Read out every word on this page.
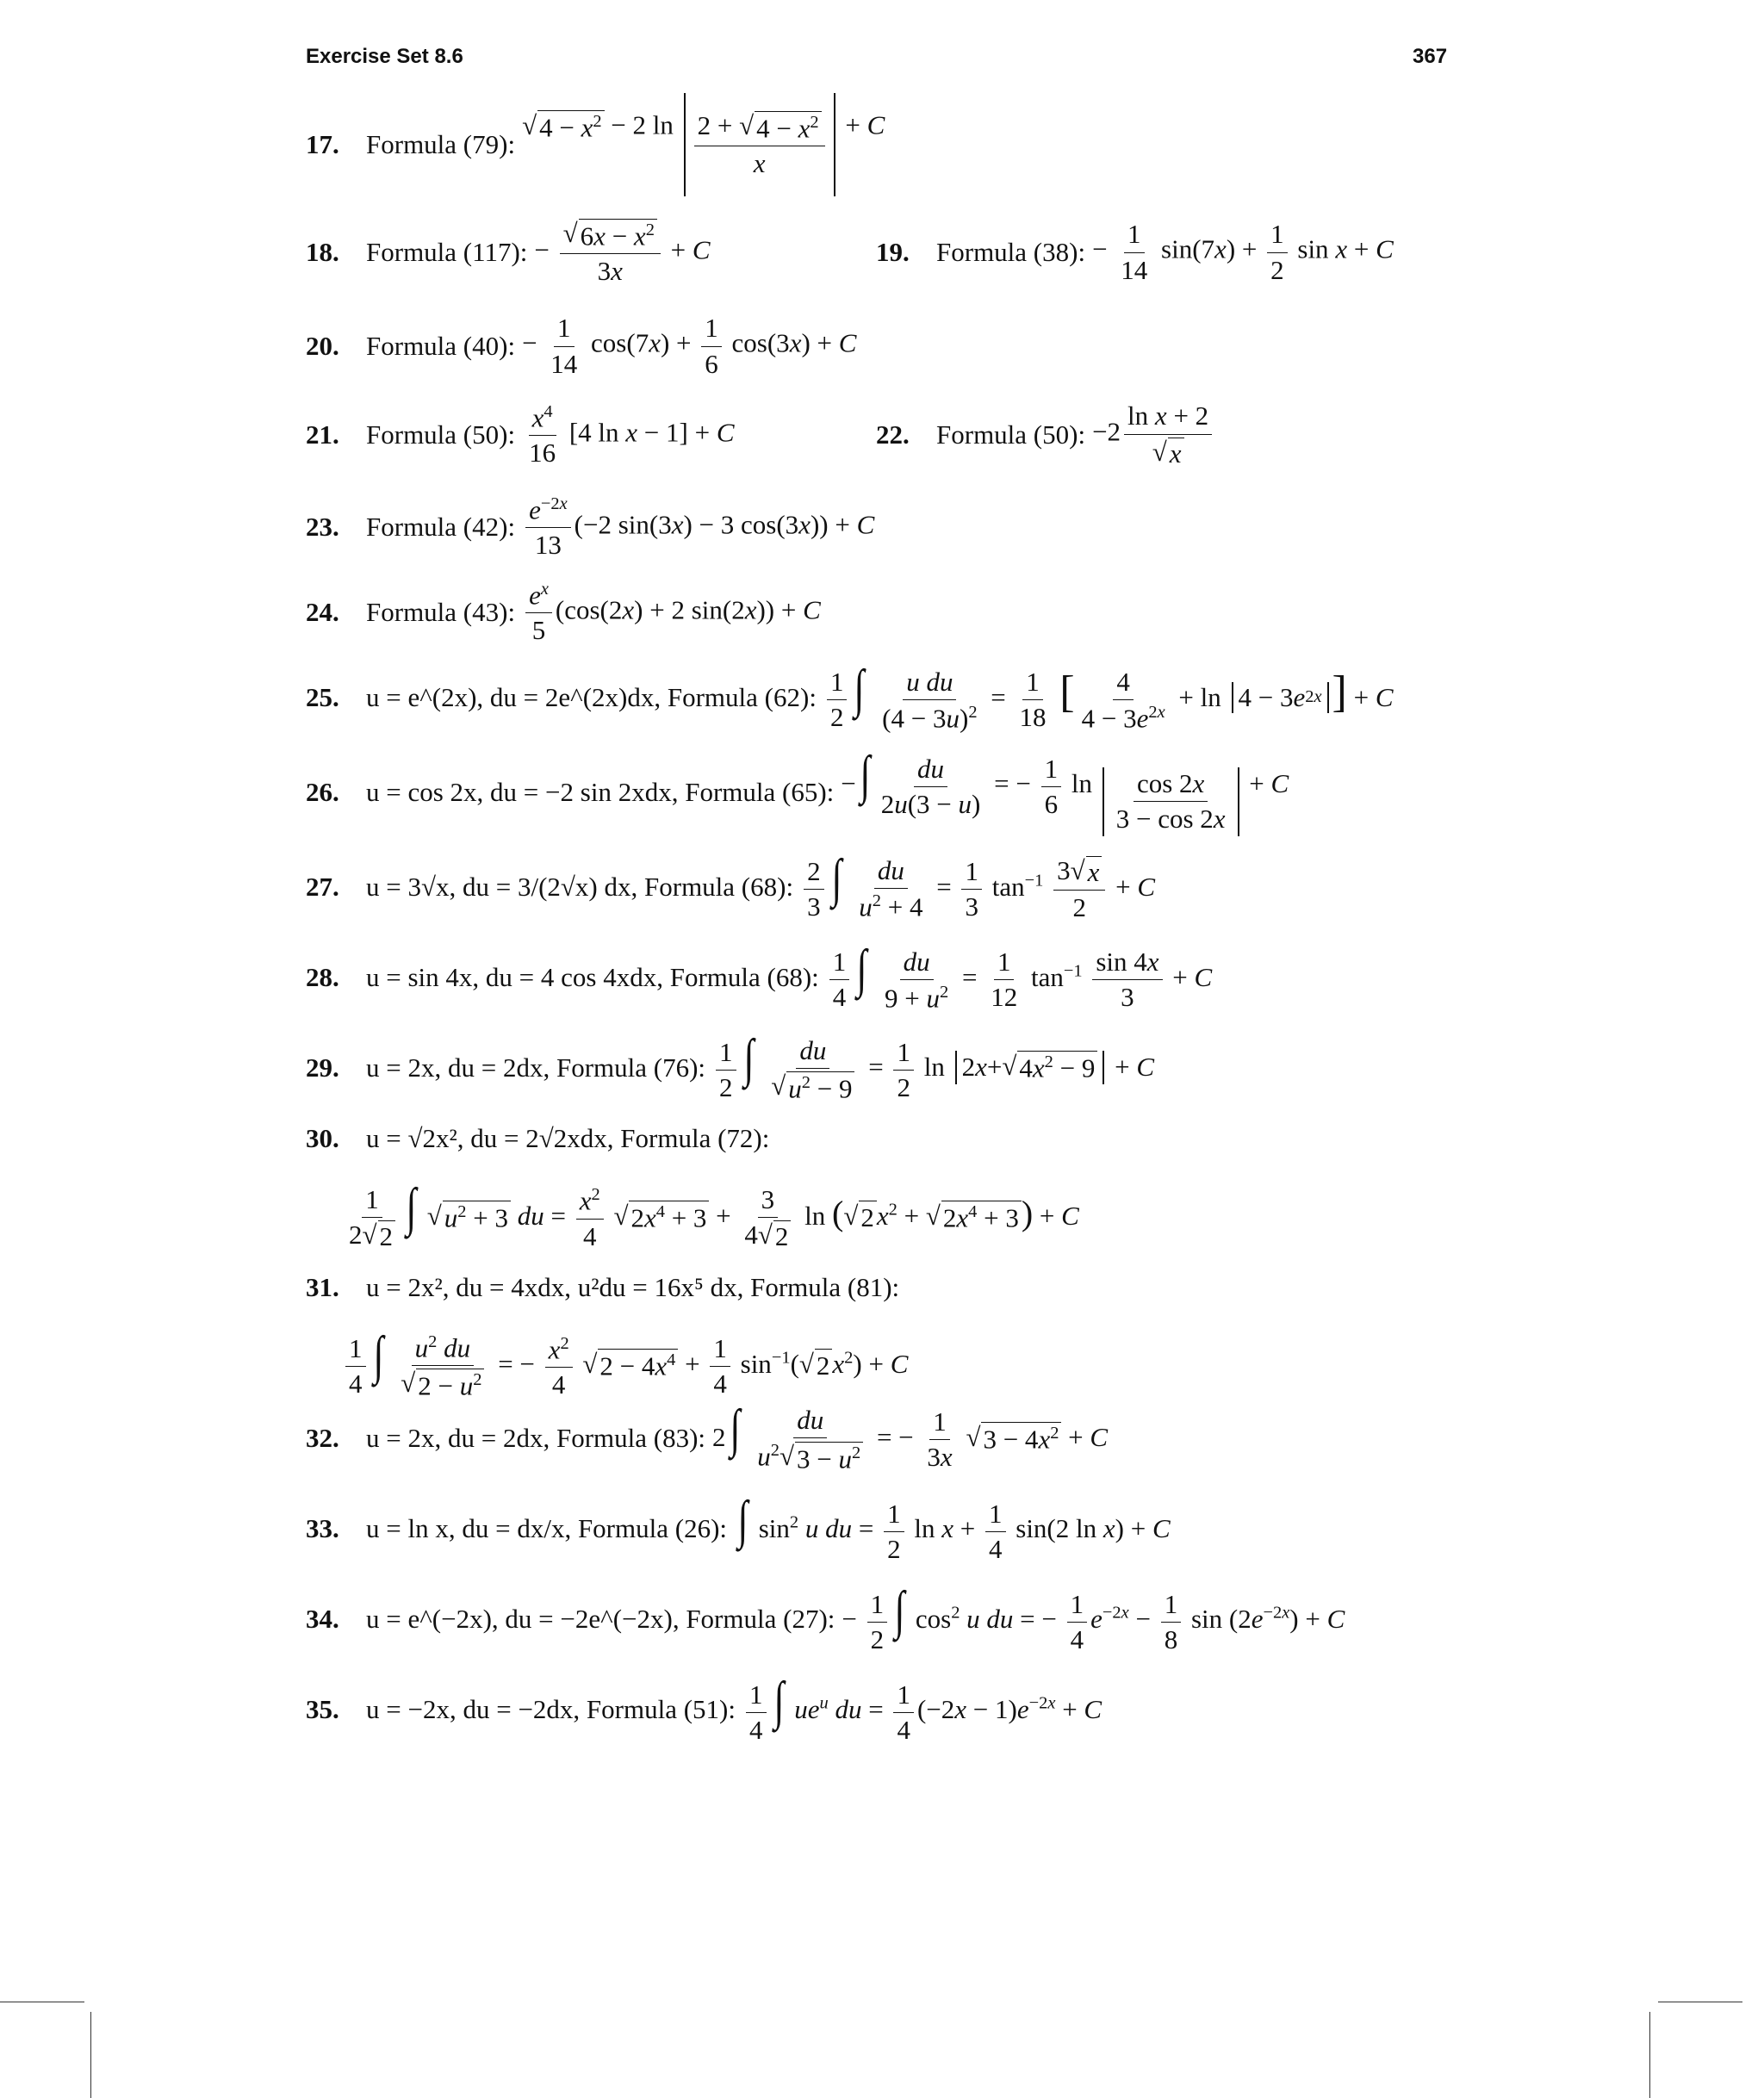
Exercise Set 8.6	367
17.	Formula (79):
√ $4 - x^2 - 2$ ln 2 + √ $4 - x^2$
x
+ C
18.	Formula (117): − $\frac{√ 6x - x^2}{3x} + C$	19.	Formula (38): − $\frac{1}{14} \sin(7x) + \frac{1}{2}$ sin x + C
20.	Formula (40): − $\frac{1}{14} \cos(7x) + \frac{1}{6} \cos(3x) + C$
21.	Formula (50): $\frac{x^4}{16} [4$ ln x − 1] + C	22.	Formula (50): $-2 \frac{\text{ln x + 2}}{√ x}$
23.	Formula (42): $\frac{e^{-2x}}{13} (-2$ sin(3x) − 3 cos(3x)) + C
24.	Formula (43): $\frac{e^x}{5} (\cos(2x) + 2$ sin(2x)) + C
25.	u = e^(2x), du = 2e^(2x)dx, Formula (62): $\frac{1}{2}$ ∫ $\frac{\text{u du}}{(4 - 3u)^2} = \frac{1}{18}$ [ $\frac{4}{4 - 3e^{2x}} + \ln 4 - 3$ e 2x ] + C
26.	u = cos 2x, du = −2 sin 2xdx, Formula (65): −∫ $\frac{du}{2u(3 - u)}$ = − $\frac{1}{6}$ ln cos 2x
3 − cos 2x
+ C
27.	u = 3√x, du = 3/(2√x) dx, Formula (68): $\frac{2}{3}$ ∫ $\frac{du}{u^2 + 4} = \frac{1}{3} \tan^{-1} \frac{3 √ x}{2} + C$
28.	u = sin 4x, du = 4 cos 4xdx, Formula (68): $\frac{1}{4}$ ∫ $\frac{du}{9 + u^2} = \frac{1}{12} \tan^{-1} \frac{\sin 4x}{3} + C$
29.	u = 2x, du = 2dx, Formula (76): $\frac{1}{2}$ ∫ $\frac{du}{√ u^2 - 9} = \frac{1}{2}$ ln 2 x + √ $4x^2 - 9 + C$
30.	u = √2x², du = 2√2xdx, Formula (72):
$\frac{1}{2 √ 2}$ ∫ √ $u^2 + 3$ du = $\frac{x^2}{4}$
√ $2x^4 + 3 + \frac{3}{4 √ 2}$ ln ( √ 2 $x^2$ + √ $2x^4 + 3$ ) + C
31.	u = 2x², du = 4xdx, u²du = 16x⁵ dx, Formula (81):
$\frac{1}{4}$ ∫ $\frac{u^2 du}{√ 2 - u^2}$ = − $\frac{x^2}{4}$
√ $2 - 4x^4 + \frac{1}{4} \sin^{-1}$( √ 2 $x^2) + C$
32.	u = 2x, du = 2dx, Formula (83): $2\int \frac{du}{u^2 √ 3 - u^2}$ = − $\frac{1}{3x}$
√ $3 - 4x^2 + C$
33.	u = ln x, du = dx/x, Formula (26): ∫ $\sin^2 u$ du = $\frac{1}{2}$ $\ln x + \frac{1}{4} \sin(2$ ln x) + C
34.	u = e^(−2x), du = −2e^(−2x), Formula (27): − $\frac{1}{2}$ ∫ $\cos^2 u$ du = − $\frac{1}{4} e^{-2x} - \frac{1}{8}$ $\sin (2e^{-2x}) + C$
35.	u = −2x, du = −2dx, Formula (51): $\frac{1}{4}$ ∫ $ue^u$ du = $\frac{1}{4} (-2x - 1)e^{-2x} + C$
